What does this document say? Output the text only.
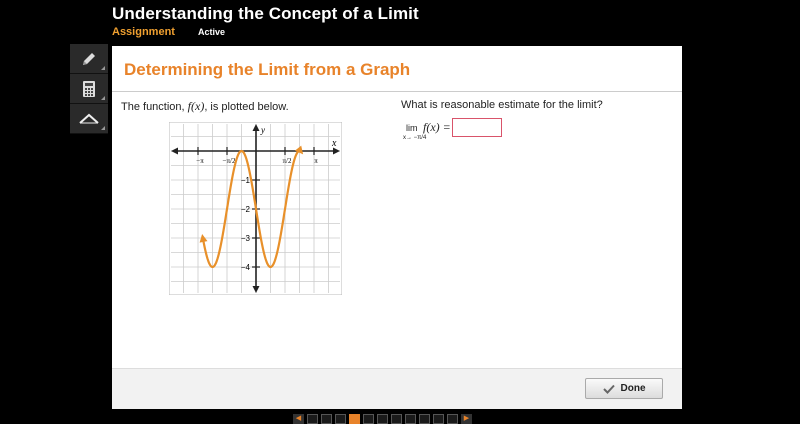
Understanding the Concept of a Limit
Assignment	Active
Determining the Limit from a Graph
The function, f(x), is plotted below.	What is reasonable estimate for the limit?
lim
x→ −π/4
f(x) =
y
x
−π	−π/2	π/2	π
−1
−2
−3
−4
Done
◀	▶
